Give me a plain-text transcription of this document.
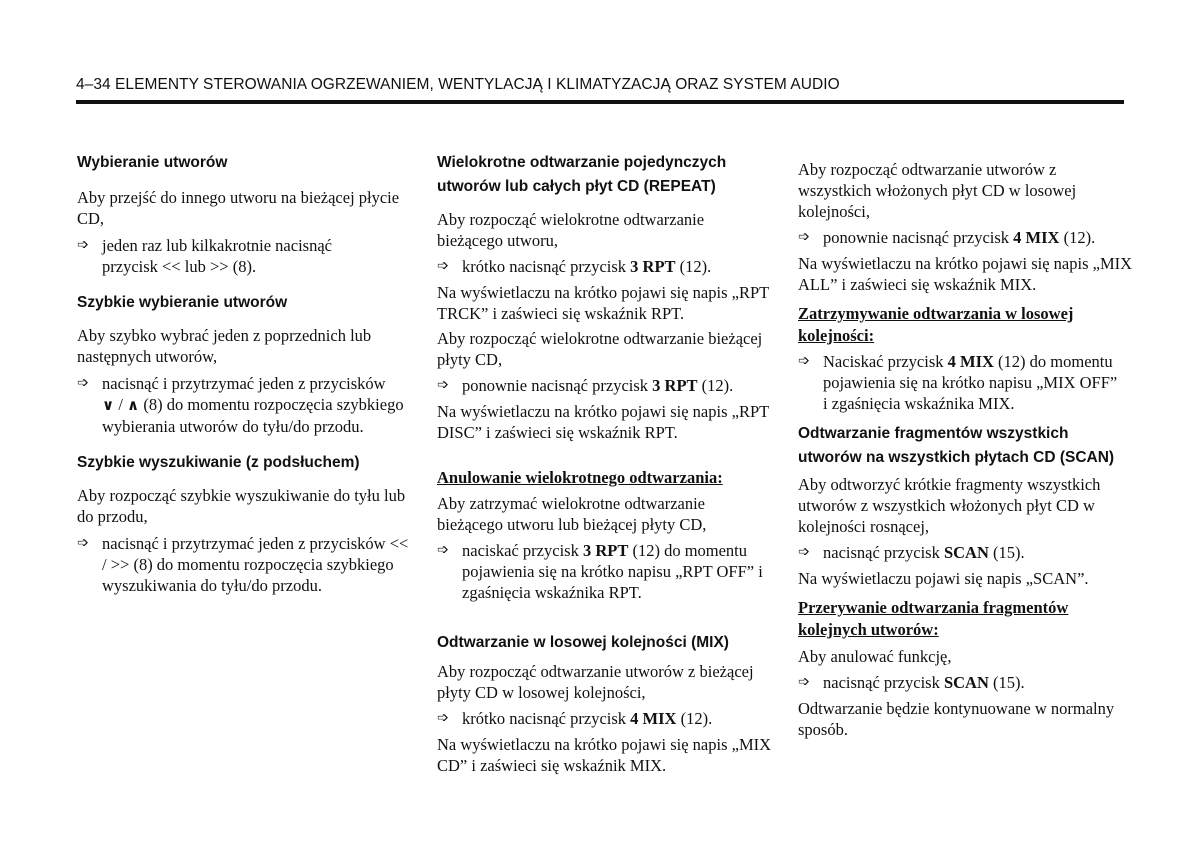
4–34 ELEMENTY STEROWANIA OGRZEWANIEM, WENTYLACJĄ I KLIMATYZACJĄ ORAZ SYSTEM AUDIO
Wybieranie utworów

Aby przejść do innego utworu na bieżącej płycie CD,

➩ jeden raz lub kilkakrotnie nacisnąć
przycisk << lub >> (8).
Szybkie wybieranie utworów

Aby szybko wybrać jeden z poprzednich lub następnych utworów,

➩ nacisnąć i przytrzymać jeden z przycisków
∨ / ∧ (8) do momentu rozpoczęcia szybkiego wybierania utworów do tyłu/do przodu.
Szybkie wyszukiwanie (z podsłuchem)

Aby rozpocząć szybkie wyszukiwanie do tyłu lub do przodu,

➩ nacisnąć i przytrzymać jeden z przycisków << / >> (8) do momentu rozpoczęcia szybkiego wyszukiwania do tyłu/do przodu.
Wielokrotne odtwarzanie pojedynczych utworów lub całych płyt CD (REPEAT)

Aby rozpocząć wielokrotne odtwarzanie bieżącego utworu,

➩ krótko nacisnąć przycisk 3 RPT (12).

Na wyświetlaczu na krótko pojawi się napis „RPT TRCK” i zaświeci się wskaźnik RPT.

Aby rozpocząć wielokrotne odtwarzanie bieżącej płyty CD,

➩ ponownie nacisnąć przycisk 3 RPT (12).

Na wyświetlaczu na krótko pojawi się napis „RPT DISC” i zaświeci się wskaźnik RPT.

Anulowanie wielokrotnego odtwarzania:

Aby zatrzymać wielokrotne odtwarzanie bieżącego utworu lub bieżącej płyty CD,

➩ naciskać przycisk 3 RPT (12) do momentu pojawienia się na krótko napisu „RPT OFF” i zgaśnięcia wskaźnika RPT.
Odtwarzanie w losowej kolejności (MIX)

Aby rozpocząć odtwarzanie utworów z bieżącej płyty CD w losowej kolejności,

➩ krótko nacisnąć przycisk 4 MIX (12).

Na wyświetlaczu na krótko pojawi się napis „MIX CD” i zaświeci się wskaźnik MIX.

Aby rozpocząć odtwarzanie utworów z wszystkich włożonych płyt CD w losowej kolejności,

➩ ponownie nacisnąć przycisk 4 MIX (12).

Na wyświetlaczu na krótko pojawi się napis „MIX ALL” i zaświeci się wskaźnik MIX.

Zatrzymywanie odtwarzania w losowej kolejności:
➩ Naciskać przycisk 4 MIX (12) do momentu pojawienia się na krótko napisu „MIX OFF” i zgaśnięcia wskaźnika MIX.
Odtwarzanie fragmentów wszystkich utworów na wszystkich płytach CD (SCAN)

Aby odtworzyć krótkie fragmenty wszystkich utworów z wszystkich włożonych płyt CD w kolejności rosnącej,

➩ nacisnąć przycisk SCAN (15).

Na wyświetlaczu pojawi się napis „SCAN”.

Przerywanie odtwarzania fragmentów kolejnych utworów:

Aby anulować funkcję,

➩ nacisnąć przycisk SCAN (15).

Odtwarzanie będzie kontynuowane w normalny sposób.
